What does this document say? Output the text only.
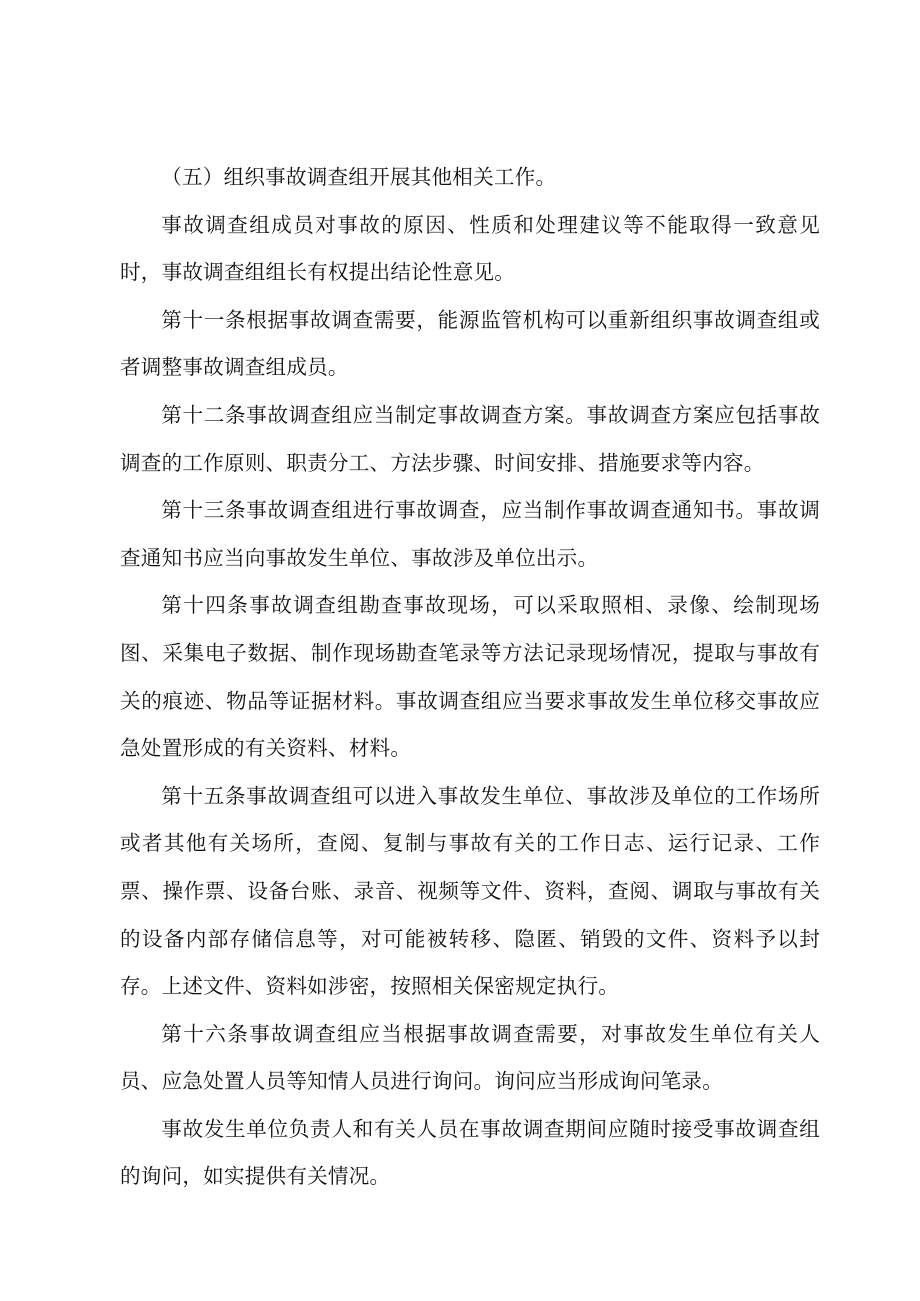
（五）组织事故调查组开展其他相关工作。

事故调查组成员对事故的原因、性质和处理建议等不能取得一致意见时，事故调查组组长有权提出结论性意见。

第十一条根据事故调查需要，能源监管机构可以重新组织事故调查组或者调整事故调查组成员。

第十二条事故调查组应当制定事故调查方案。事故调查方案应包括事故调查的工作原则、职责分工、方法步骤、时间安排、措施要求等内容。

第十三条事故调查组进行事故调查，应当制作事故调查通知书。事故调查通知书应当向事故发生单位、事故涉及单位出示。

第十四条事故调查组勘查事故现场，可以采取照相、录像、绘制现场图、采集电子数据、制作现场勘查笔录等方法记录现场情况，提取与事故有关的痕迹、物品等证据材料。事故调查组应当要求事故发生单位移交事故应急处置形成的有关资料、材料。

第十五条事故调查组可以进入事故发生单位、事故涉及单位的工作场所或者其他有关场所，查阅、复制与事故有关的工作日志、运行记录、工作票、操作票、设备台账、录音、视频等文件、资料，查阅、调取与事故有关的设备内部存储信息等，对可能被转移、隐匿、销毁的文件、资料予以封存。上述文件、资料如涉密，按照相关保密规定执行。

第十六条事故调查组应当根据事故调查需要，对事故发生单位有关人员、应急处置人员等知情人员进行询问。询问应当形成询问笔录。

事故发生单位负责人和有关人员在事故调查期间应随时接受事故调查组的询问，如实提供有关情况。
